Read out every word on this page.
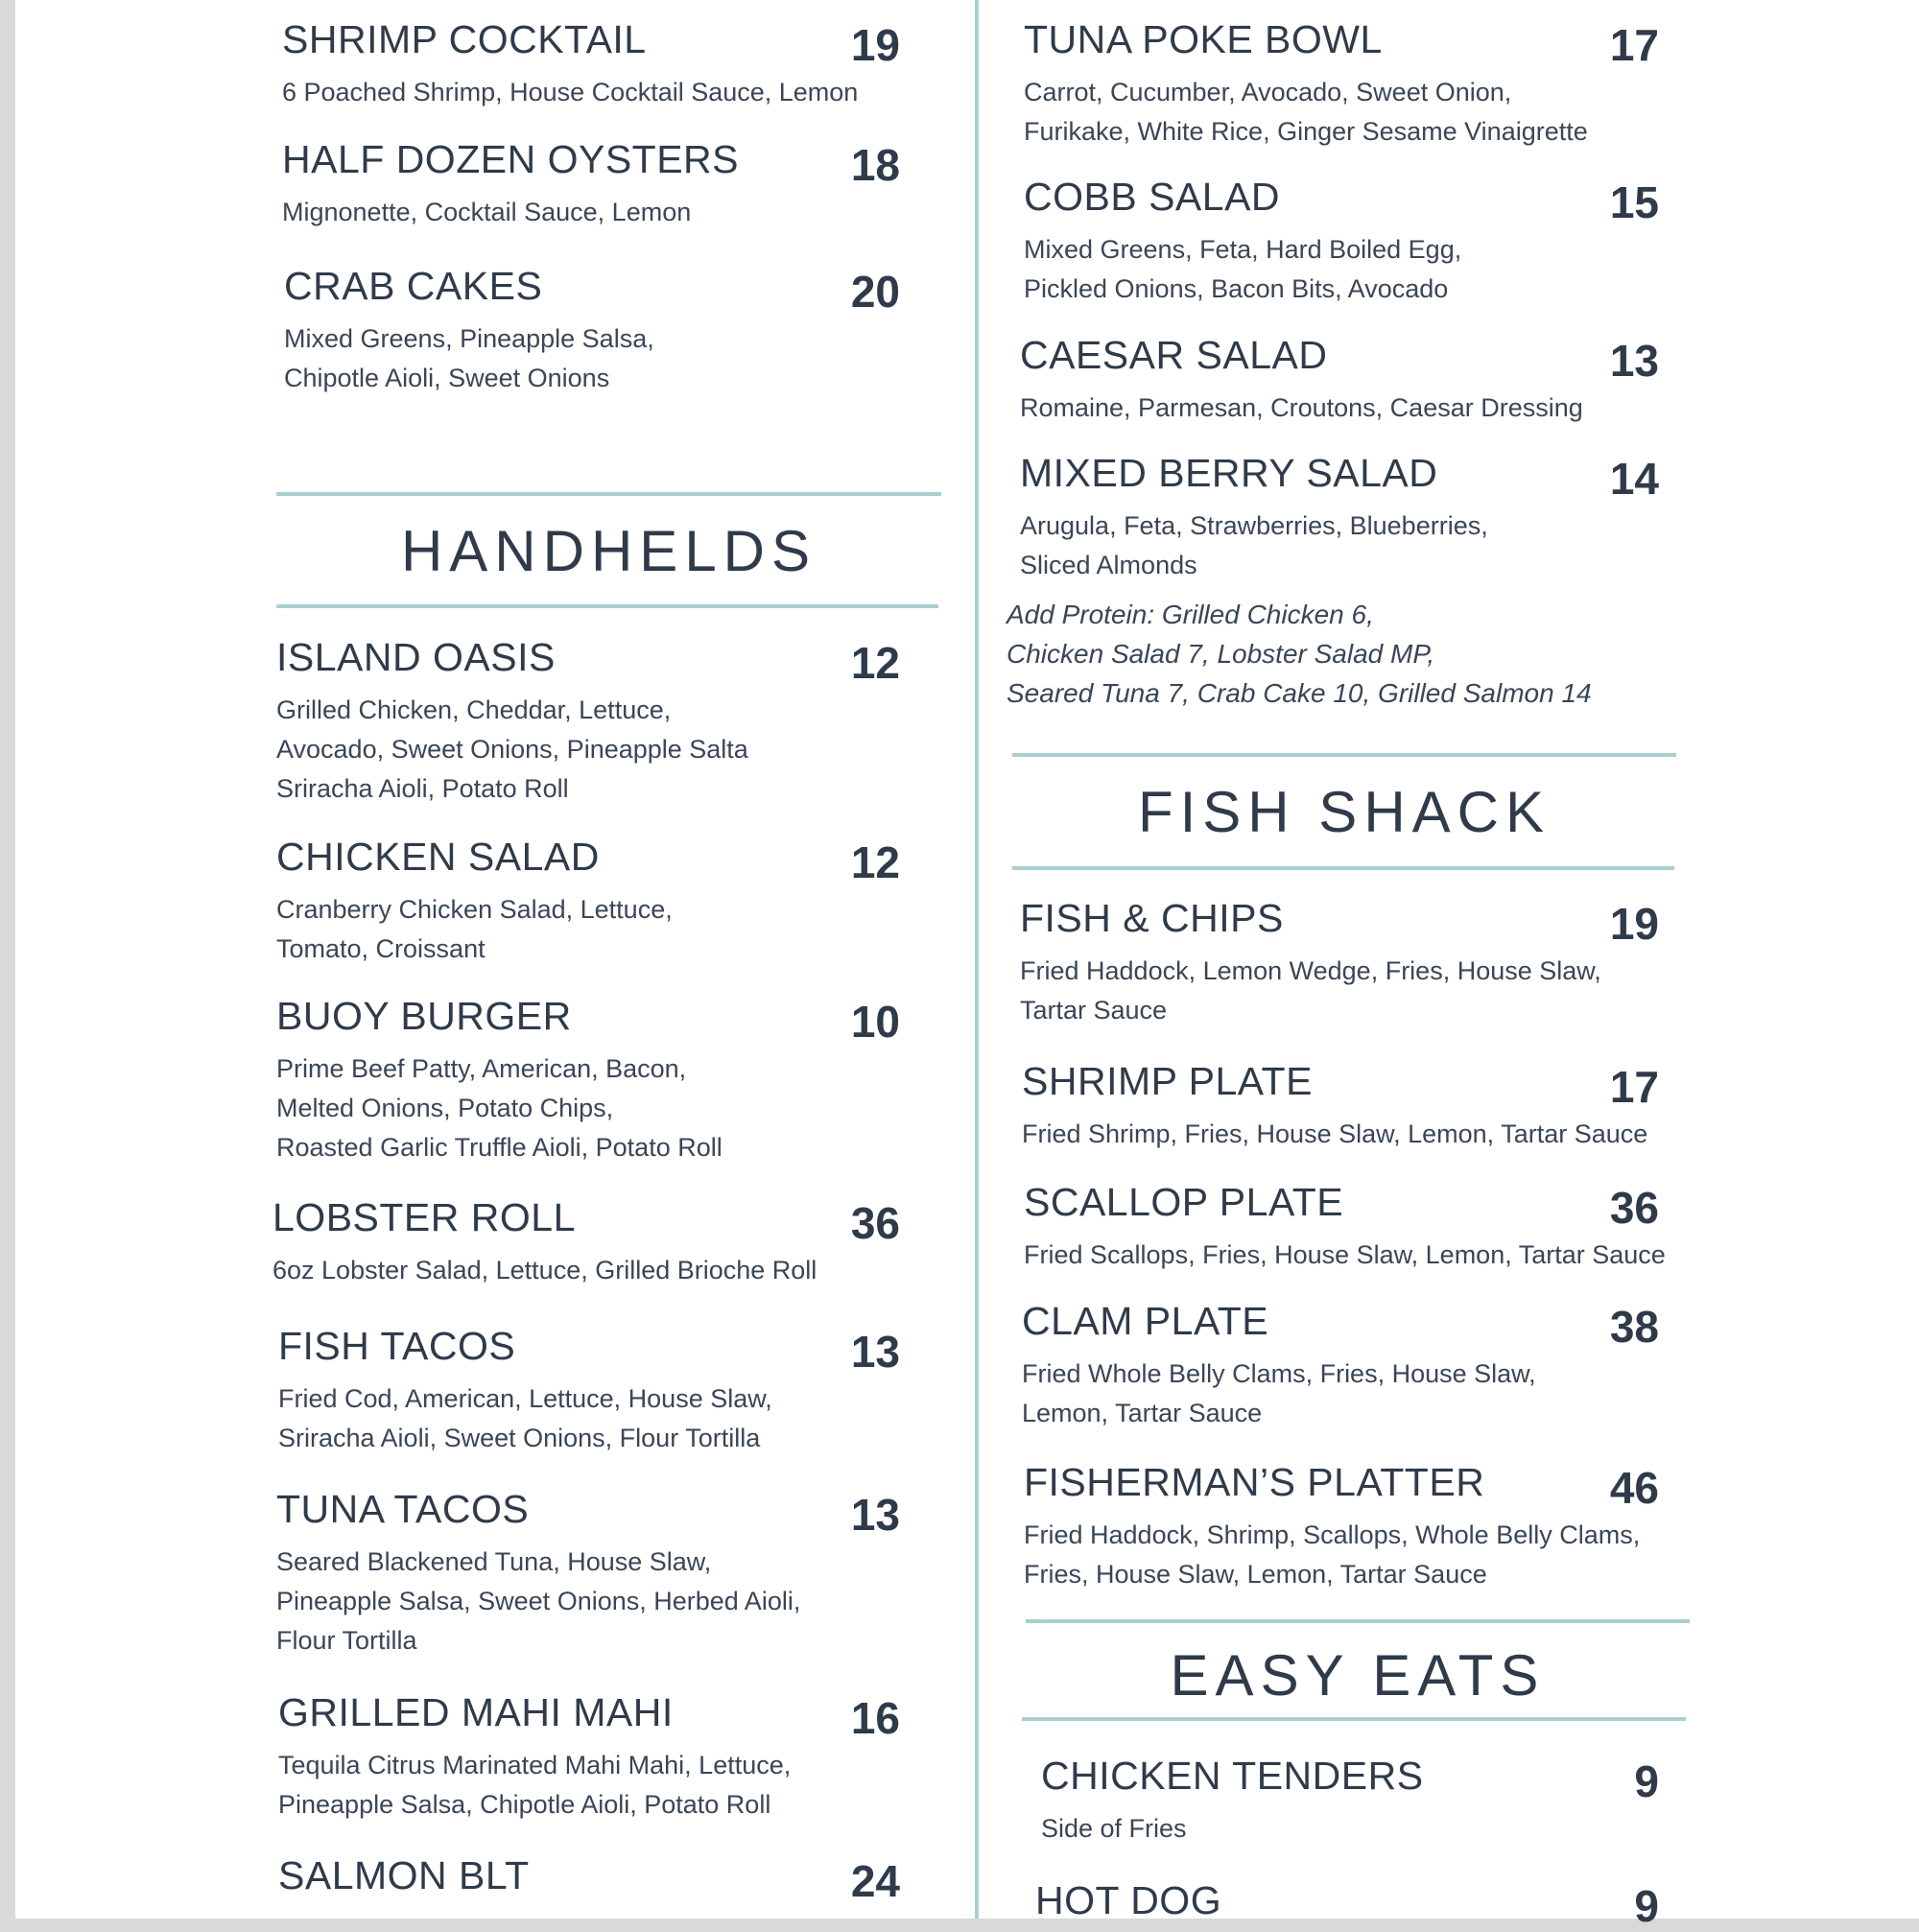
SHRIMP COCKTAIL	19
6 Poached Shrimp, House Cocktail Sauce, Lemon
HALF DOZEN OYSTERS	18
Mignonette, Cocktail Sauce, Lemon
CRAB CAKES	20
Mixed Greens, Pineapple Salsa,
Chipotle Aioli, Sweet Onions
HANDHELDS
ISLAND OASIS	12
Grilled Chicken, Cheddar, Lettuce,
Avocado, Sweet Onions, Pineapple Salta
Sriracha Aioli, Potato Roll
CHICKEN SALAD	12
Cranberry Chicken Salad, Lettuce,
Tomato, Croissant
BUOY BURGER	10
Prime Beef Patty, American, Bacon,
Melted Onions, Potato Chips,
Roasted Garlic Truffle Aioli, Potato Roll
LOBSTER ROLL	36
6oz Lobster Salad, Lettuce, Grilled Brioche Roll
FISH TACOS	13
Fried Cod, American, Lettuce, House Slaw,
Sriracha Aioli, Sweet Onions, Flour Tortilla
TUNA TACOS	13
Seared Blackened Tuna, House Slaw,
Pineapple Salsa, Sweet Onions, Herbed Aioli,
Flour Tortilla
GRILLED MAHI MAHI	16
Tequila Citrus Marinated Mahi Mahi, Lettuce,
Pineapple Salsa, Chipotle Aioli, Potato Roll
SALMON BLT	24
TUNA POKE BOWL	17
Carrot, Cucumber, Avocado, Sweet Onion,
Furikake, White Rice, Ginger Sesame Vinaigrette
COBB SALAD	15
Mixed Greens, Feta, Hard Boiled Egg,
Pickled Onions, Bacon Bits, Avocado
CAESAR SALAD	13
Romaine, Parmesan, Croutons, Caesar Dressing
MIXED BERRY SALAD	14
Arugula, Feta, Strawberries, Blueberries,
Sliced Almonds
Add Protein: Grilled Chicken 6,
Chicken Salad 7, Lobster Salad MP,
Seared Tuna 7, Crab Cake 10, Grilled Salmon 14
FISH SHACK
FISH & CHIPS	19
Fried Haddock, Lemon Wedge, Fries, House Slaw,
Tartar Sauce
SHRIMP PLATE	17
Fried Shrimp, Fries, House Slaw, Lemon, Tartar Sauce
SCALLOP PLATE	36
Fried Scallops, Fries, House Slaw, Lemon, Tartar Sauce
CLAM PLATE	38
Fried Whole Belly Clams, Fries, House Slaw,
Lemon, Tartar Sauce
FISHERMAN’S PLATTER	46
Fried Haddock, Shrimp, Scallops, Whole Belly Clams,
Fries, House Slaw, Lemon, Tartar Sauce
EASY EATS
CHICKEN TENDERS	9
Side of Fries
HOT DOG	9
